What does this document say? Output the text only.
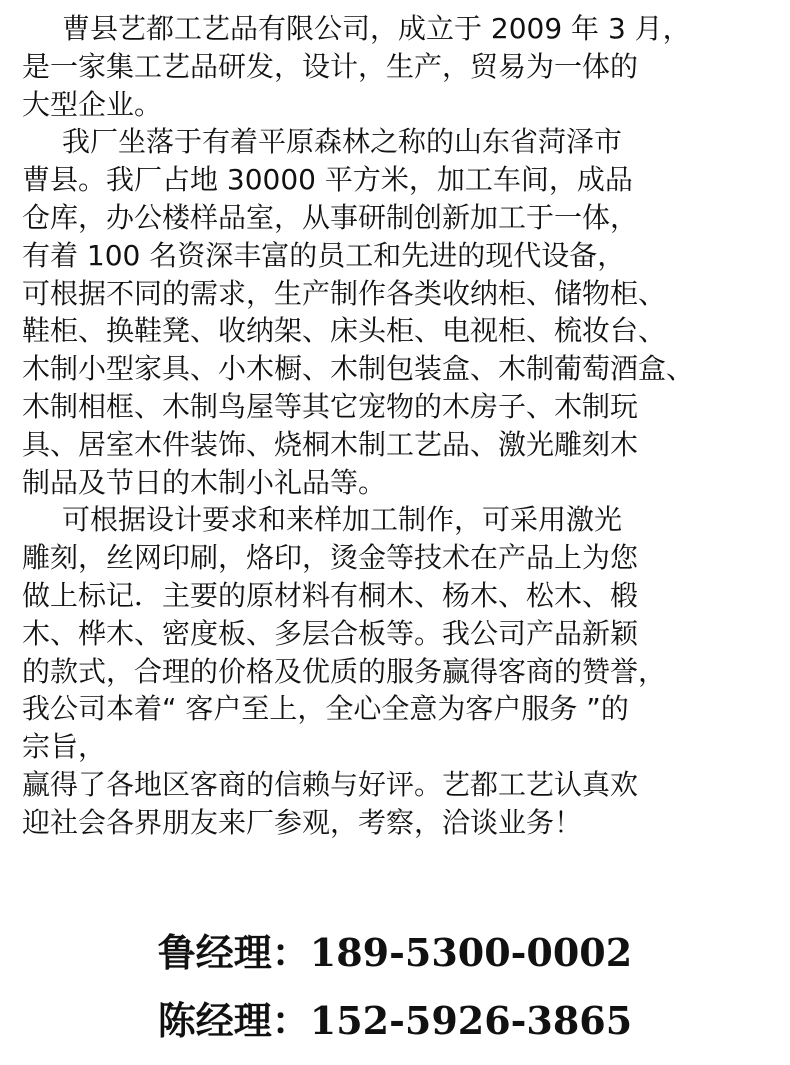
曹县艺都工艺品有限公司，成立于 2009 年 3 月，
是一家集工艺品研发，设计，生产，贸易为一体的
大型企业。
我厂坐落于有着平原森林之称的山东省菏泽市
曹县。我厂占地 30000 平方米，加工车间，成品
仓库，办公楼样品室，从事研制创新加工于一体，
有着 100 名资深丰富的员工和先进的现代设备，
可根据不同的需求，生产制作各类收纳柜、储物柜、
鞋柜、换鞋凳、收纳架、床头柜、电视柜、梳妆台、
木制小型家具、小木橱、木制包装盒、木制葡萄酒盒、
木制相框、木制鸟屋等其它宠物的木房子、木制玩
具、居室木件装饰、烧桐木制工艺品、激光雕刻木
制品及节日的木制小礼品等。
可根据设计要求和来样加工制作，可采用激光
雕刻，丝网印刷，烙印，烫金等技术在产品上为您
做上标记．主要的原材料有桐木、杨木、松木、椴
木、桦木、密度板、多层合板等。我公司产品新颖
的款式，合理的价格及优质的服务赢得客商的赞誉，
我公司本着“ 客户至上，全心全意为客户服务 ”的
宗旨，
赢得了各地区客商的信赖与好评。艺都工艺认真欢
迎社会各界朋友来厂参观，考察，洽谈业务！
鲁经理：189-5300-0002
陈经理：152-5926-3865
